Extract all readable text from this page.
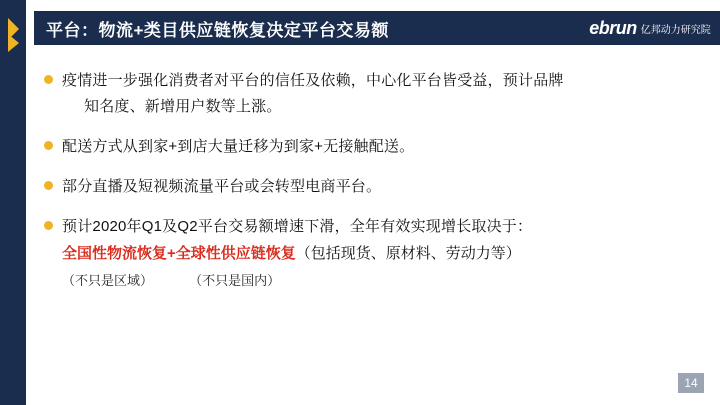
平台：物流+类目供应链恢复决定平台交易额	ebrun 亿邦动力研究院
疫情进一步强化消费者对平台的信任及依赖，中心化平台皆受益，预计品牌
知名度、新增用户数等上涨。
配送方式从到家+到店大量迁移为到家+无接触配送。
部分直播及短视频流量平台或会转型电商平台。
预计2020年Q1及Q2平台交易额增速下滑，全年有效实现增长取决于：
全国性物流恢复+全球性供应链恢复（包括现货、原材料、劳动力等）
（不只是区域）          （不只是国内）
14
